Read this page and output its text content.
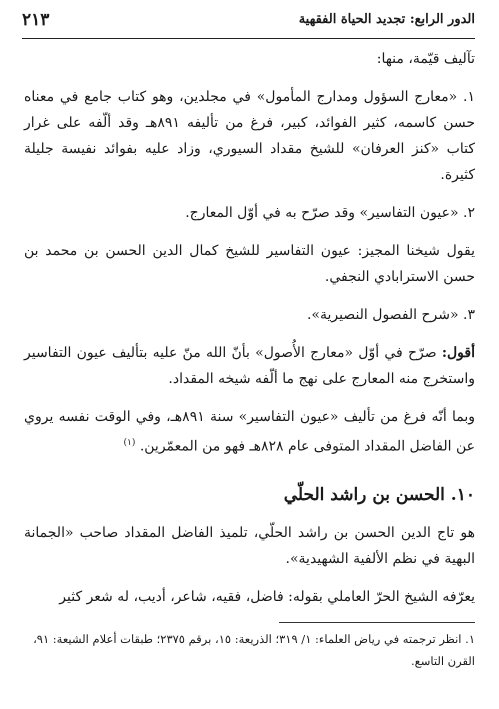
الدور الرابع: تجديد الحياة الفقهية
٢١٣

تآليف قيّمة، منها:

١. «معارج السؤول ومدارج المأمول» في مجلدين، وهو كتاب جامع في معناه حسن كاسمه، كثير الفوائد، كبير، فرغ من تأليفه ٨٩١هـ وقد ألّفه على غرار كتاب «كنز العرفان» للشيخ مقداد السيوري، وزاد عليه بفوائد نفيسة جليلة كثيرة.

٢. «عيون التفاسير» وقد صرّح به في أوّل المعارج.

يقول شيخنا المجيز: عيون التفاسير للشيخ كمال الدين الحسن بن محمد بن حسن الاسترابادي النجفي.

٣. «شرح الفصول النصيرية».

أقول: صرّح في أوّل «معارج الأُصول» بأنّ الله منّ عليه بتأليف عيون التفاسير واستخرج منه المعارج على نهج ما ألّفه شيخه المقداد.

وبما أنّه فرغ من تأليف «عيون التفاسير» سنة ٨٩١هـ، وفي الوقت نفسه يروي عن الفاضل المقداد المتوفى عام ٨٢٨هـ فهو من المعمّرين. $^{(١)}$

١٠. الحسن بن راشد الحلّي

هو تاج الدين الحسن بن راشد الحلّي، تلميذ الفاضل المقداد صاحب «الجمانة البهية في نظم الألفية الشهيدية».

يعرّفه الشيخ الحرّ العاملي بقوله: فاضل، فقيه، شاعر، أديب، له شعر كثير

١. انظر ترجمته في رياض العلماء: ١/ ٣١٩؛ الذريعة: ١٥، برقم ٢٣٧٥؛ طبقات أعلام الشيعة: ٩١، القرن التاسع.
